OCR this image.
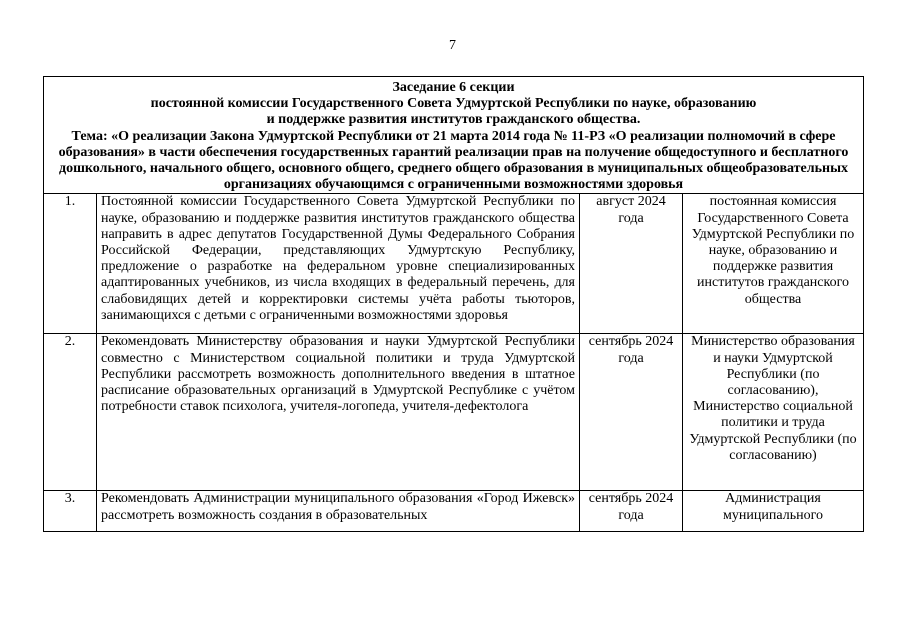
7
Заседание 6 секции
постоянной комиссии Государственного Совета Удмуртской Республики по науке, образованию
и поддержке развития институтов гражданского общества.
Тема: «О реализации Закона Удмуртской Республики от 21 марта 2014 года № 11-РЗ «О реализации полномочий в сфере образования» в части обеспечения государственных гарантий реализации прав на получение общедоступного и бесплатного дошкольного, начального общего, основного общего, среднего общего образования в муниципальных общеобразовательных организациях обучающимся с ограниченными возможностями здоровья			

1.	Постоянной комиссии Государственного Совета Удмуртской Республики по науке, образованию и поддержке развития институтов гражданского общества направить в адрес депутатов Государственной Думы Федерального Собрания Российской Федерации, представляющих Удмуртскую Республику, предложение о разработке на федеральном уровне специализированных адаптированных учебников, из числа входящих в федеральный перечень, для слабовидящих детей и корректировки системы учёта работы тьюторов, занимающихся с детьми с ограниченными возможностями здоровья	август 2024 года	постоянная комиссия Государственного Совета Удмуртской Республики по науке, образованию и поддержке развития институтов гражданского общества
2.	Рекомендовать Министерству образования и науки Удмуртской Республики совместно с Министерством социальной политики и труда Удмуртской Республики рассмотреть возможность дополнительного введения в штатное расписание образовательных организаций в Удмуртской Республике с учётом потребности ставок психолога, учителя-логопеда, учителя-дефектолога	сентябрь 2024 года	Министерство образования и науки Удмуртской Республики (по согласованию), Министерство социальной политики и труда Удмуртской Республики (по согласованию)
3.	Рекомендовать Администрации муниципального образования «Город Ижевск» рассмотреть возможность создания в образовательных	сентябрь 2024 года	Администрация муниципального
